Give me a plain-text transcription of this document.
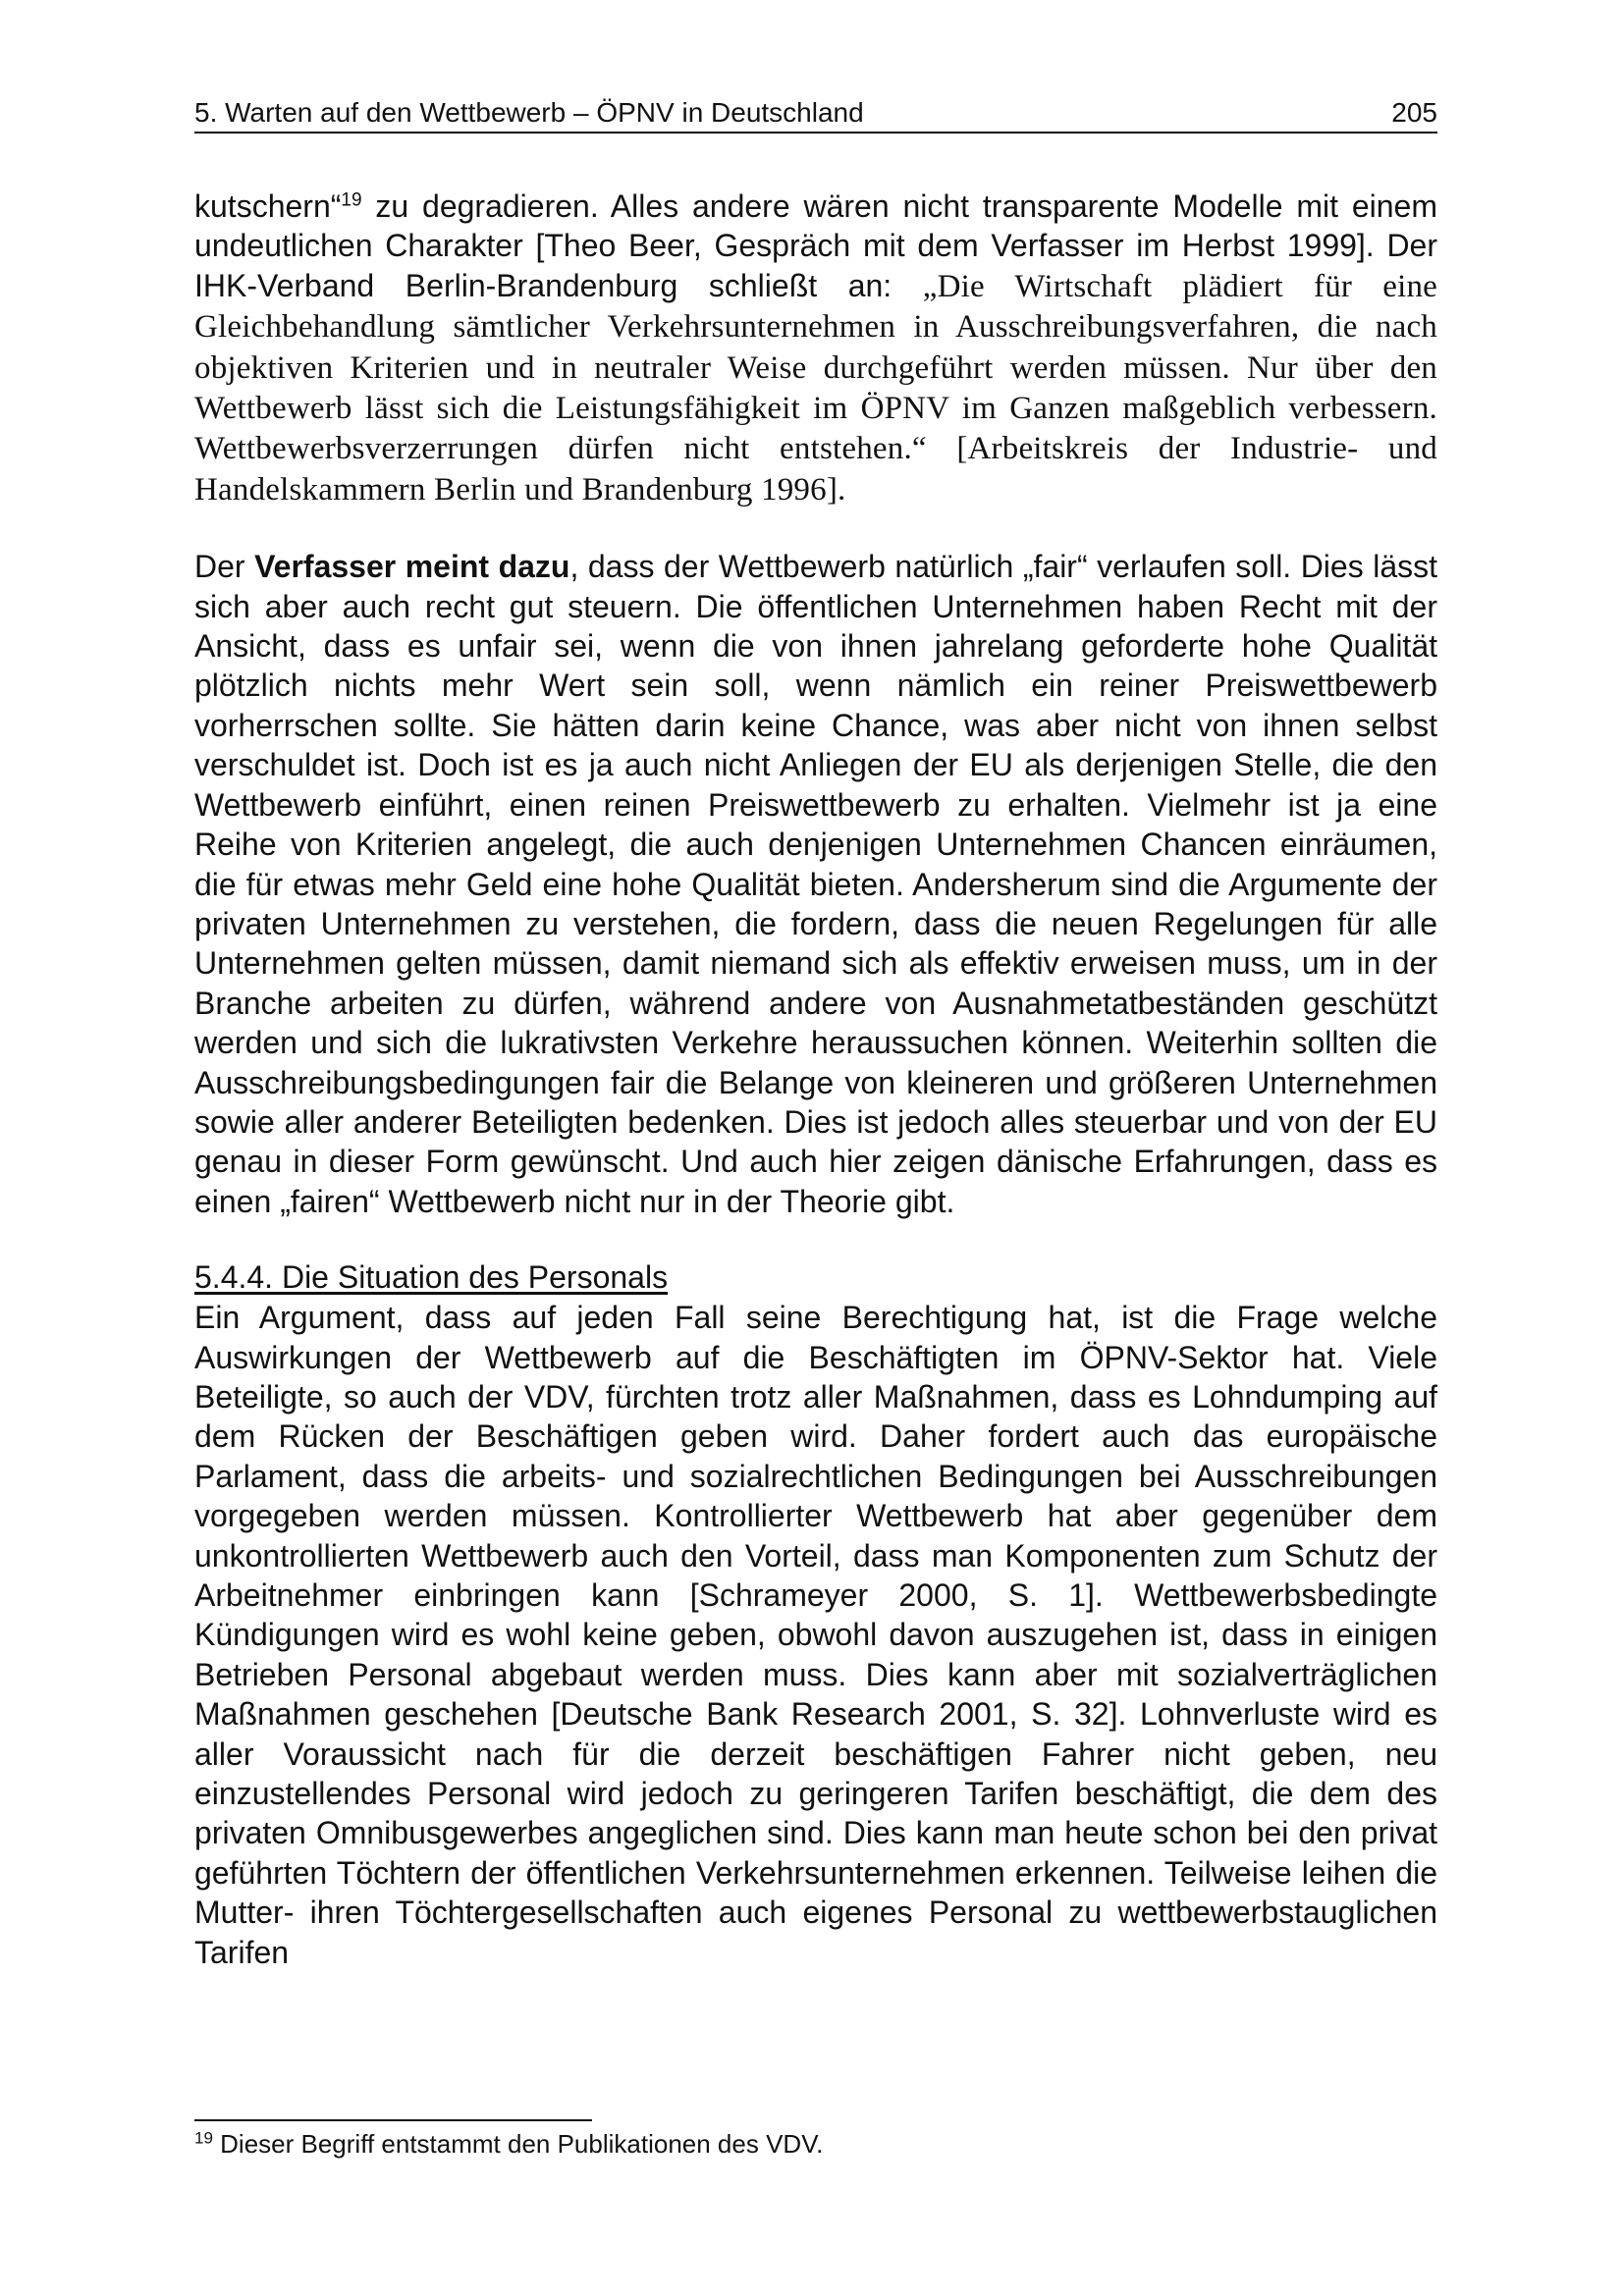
5. Warten auf den Wettbewerb – ÖPNV in Deutschland	205

kutschern“$^{19}$ zu degradieren. Alles andere wären nicht transparente Modelle mit einem undeutlichen Charakter [Theo Beer, Gespräch mit dem Verfasser im Herbst 1999]. Der IHK-Verband Berlin-Brandenburg schließt an: „Die Wirtschaft plädiert für eine Gleichbehandlung sämtlicher Verkehrsunternehmen in Ausschreibungsverfahren, die nach objektiven Kriterien und in neutraler Weise durchgeführt werden müssen. Nur über den Wettbewerb lässt sich die Leistungsfähigkeit im ÖPNV im Ganzen maßgeblich verbessern. Wettbewerbsverzerrungen dürfen nicht entstehen.“ [Arbeitskreis der Industrie- und Handelskammern Berlin und Brandenburg 1996].

Der Verfasser meint dazu, dass der Wettbewerb natürlich „fair“ verlaufen soll. Dies lässt sich aber auch recht gut steuern. Die öffentlichen Unternehmen haben Recht mit der Ansicht, dass es unfair sei, wenn die von ihnen jahrelang geforderte hohe Qualität plötzlich nichts mehr Wert sein soll, wenn nämlich ein reiner Preiswettbewerb vorherrschen sollte. Sie hätten darin keine Chance, was aber nicht von ihnen selbst verschuldet ist. Doch ist es ja auch nicht Anliegen der EU als derjenigen Stelle, die den Wettbewerb einführt, einen reinen Preiswettbewerb zu erhalten. Vielmehr ist ja eine Reihe von Kriterien angelegt, die auch denjenigen Unternehmen Chancen einräumen, die für etwas mehr Geld eine hohe Qualität bieten. Andersherum sind die Argumente der privaten Unternehmen zu verstehen, die fordern, dass die neuen Regelungen für alle Unternehmen gelten müssen, damit niemand sich als effektiv erweisen muss, um in der Branche arbeiten zu dürfen, während andere von Ausnahmetatbeständen geschützt werden und sich die lukrativsten Verkehre heraussuchen können. Weiterhin sollten die Ausschreibungsbedingungen fair die Belange von kleineren und größeren Unternehmen sowie aller anderer Beteiligten bedenken. Dies ist jedoch alles steuerbar und von der EU genau in dieser Form gewünscht. Und auch hier zeigen dänische Erfahrungen, dass es einen „fairen“ Wettbewerb nicht nur in der Theorie gibt.

5.4.4. Die Situation des Personals

Ein Argument, dass auf jeden Fall seine Berechtigung hat, ist die Frage welche Auswirkungen der Wettbewerb auf die Beschäftigten im ÖPNV-Sektor hat. Viele Beteiligte, so auch der VDV, fürchten trotz aller Maßnahmen, dass es Lohndumping auf dem Rücken der Beschäftigen geben wird. Daher fordert auch das europäische Parlament, dass die arbeits- und sozialrechtlichen Bedingungen bei Ausschreibungen vorgegeben werden müssen. Kontrollierter Wettbewerb hat aber gegenüber dem unkontrollierten Wettbewerb auch den Vorteil, dass man Komponenten zum Schutz der Arbeitnehmer einbringen kann [Schrameyer 2000, S. 1]. Wettbewerbsbedingte Kündigungen wird es wohl keine geben, obwohl davon auszugehen ist, dass in einigen Betrieben Personal abgebaut werden muss. Dies kann aber mit sozialverträglichen Maßnahmen geschehen [Deutsche Bank Research 2001, S. 32]. Lohnverluste wird es aller Voraussicht nach für die derzeit beschäftigen Fahrer nicht geben, neu einzustellendes Personal wird jedoch zu geringeren Tarifen beschäftigt, die dem des privaten Omnibusgewerbes angeglichen sind. Dies kann man heute schon bei den privat geführten Töchtern der öffentlichen Verkehrsunternehmen erkennen. Teilweise leihen die Mutter- ihren Töchtergesellschaften auch eigenes Personal zu wettbewerbstauglichen Tarifen

$^{19}$ Dieser Begriff entstammt den Publikationen des VDV.
